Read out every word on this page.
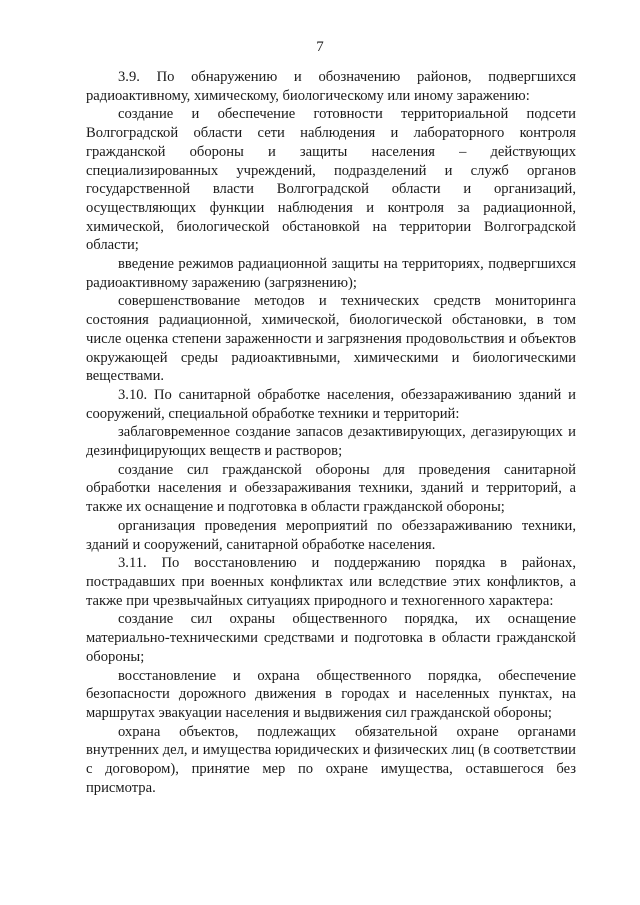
7

3.9. По обнаружению и обозначению районов, подвергшихся радиоактивному, химическому, биологическому или иному заражению:

создание и обеспечение готовности территориальной подсети Волгоградской области сети наблюдения и лабораторного контроля гражданской обороны и защиты населения – действующих специализированных учреждений, подразделений и служб органов государственной власти Волгоградской области и организаций, осуществляющих функции наблюдения и контроля за радиационной, химической, биологической обстановкой на территории Волгоградской области;

введение режимов радиационной защиты на территориях, подвергшихся радиоактивному заражению (загрязнению);

совершенствование методов и технических средств мониторинга состояния радиационной, химической, биологической обстановки, в том числе оценка степени зараженности и загрязнения продовольствия и объектов окружающей среды радиоактивными, химическими и биологическими веществами.

3.10. По санитарной обработке населения, обеззараживанию зданий и сооружений, специальной обработке техники и территорий:

заблаговременное создание запасов дезактивирующих, дегазирующих и дезинфицирующих веществ и растворов;

создание сил гражданской обороны для проведения санитарной обработки населения и обеззараживания техники, зданий и территорий, а также их оснащение и подготовка в области гражданской обороны;

организация проведения мероприятий по обеззараживанию техники, зданий и сооружений, санитарной обработке населения.

3.11. По восстановлению и поддержанию порядка в районах, пострадавших при военных конфликтах или вследствие этих конфликтов, а также при чрезвычайных ситуациях природного и техногенного характера:

создание сил охраны общественного порядка, их оснащение материально-техническими средствами и подготовка в области гражданской обороны;

восстановление и охрана общественного порядка, обеспечение безопасности дорожного движения в городах и населенных пунктах, на маршрутах эвакуации населения и выдвижения сил гражданской обороны;

охрана объектов, подлежащих обязательной охране органами внутренних дел, и имущества юридических и физических лиц (в соответствии с договором), принятие мер по охране имущества, оставшегося без присмотра.
